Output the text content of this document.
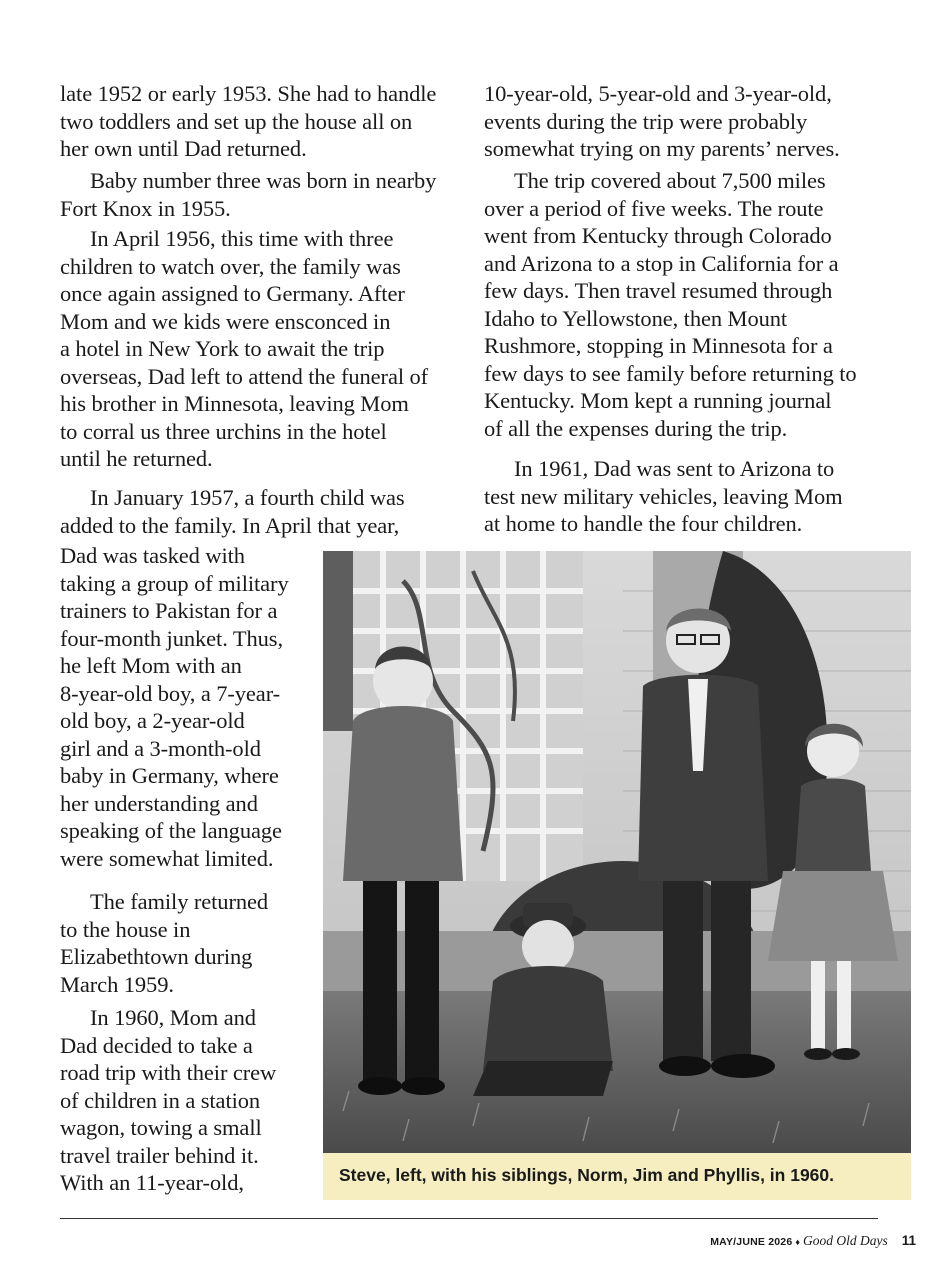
late 1952 or early 1953. She had to handle
two toddlers and set up the house all on
her own until Dad returned.

Baby number three was born in nearby
Fort Knox in 1955.

In April 1956, this time with three
children to watch over, the family was
once again assigned to Germany. After
Mom and we kids were ensconced in
a hotel in New York to await the trip
overseas, Dad left to attend the funeral of
his brother in Minnesota, leaving Mom
to corral us three urchins in the hotel
until he returned.

In January 1957, a fourth child was
added to the family. In April that year,

Dad was tasked with
taking a group of military
trainers to Pakistan for a
four-month junket. Thus,
he left Mom with an
8-year-old boy, a 7-year-
old boy, a 2-year-old
girl and a 3-month-old
baby in Germany, where
her understanding and
speaking of the language
were somewhat limited.

The family returned
to the house in
Elizabethtown during
March 1959.

In 1960, Mom and
Dad decided to take a
road trip with their crew
of children in a station
wagon, towing a small
travel trailer behind it.
With an 11-year-old,

10-year-old, 5-year-old and 3-year-old,
events during the trip were probably
somewhat trying on my parents’ nerves.

The trip covered about 7,500 miles
over a period of five weeks. The route
went from Kentucky through Colorado
and Arizona to a stop in California for a
few days. Then travel resumed through
Idaho to Yellowstone, then Mount
Rushmore, stopping in Minnesota for a
few days to see family before returning to
Kentucky. Mom kept a running journal
of all the expenses during the trip.

In 1961, Dad was sent to Arizona to
test new military vehicles, leaving Mom
at home to handle the four children.

Steve, left, with his siblings, Norm, Jim and Phyllis, in 1960.
MAY/JUNE 2026 ♦ Good Old Days 11
